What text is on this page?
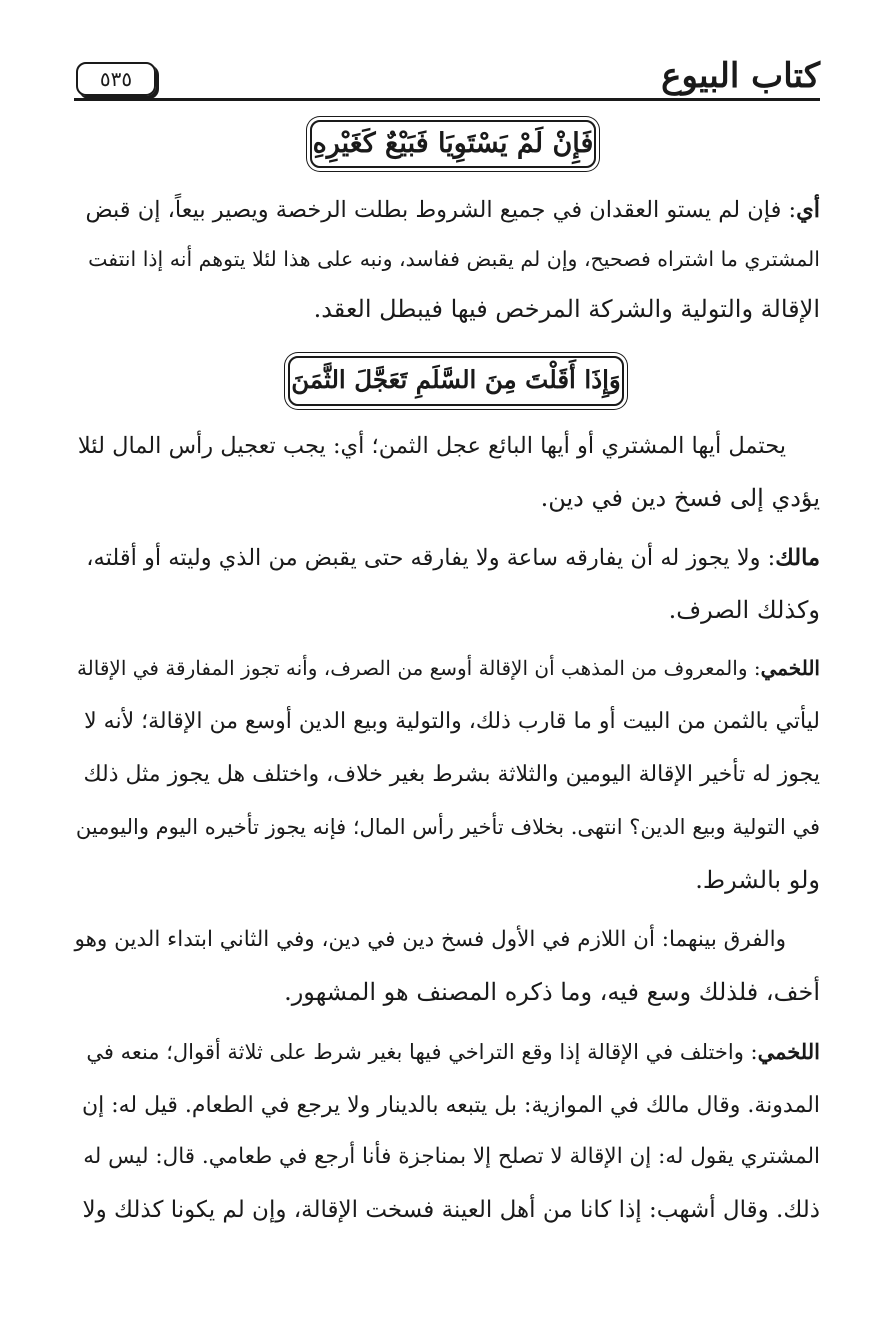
كتاب البيوع
٥٣٥
فَإِنْ لَمْ يَسْتَوِيَا فَبَيْعٌ كَغَيْرِهِ
أي: فإن لم يستو العقدان في جميع الشروط بطلت الرخصة ويصير بيعاً، إن قبض
المشتري ما اشتراه فصحيح، وإن لم يقبض ففاسد، ونبه على هذا لئلا يتوهم أنه إذا انتفت
الإقالة والتولية والشركة المرخص فيها فيبطل العقد.
وَإِذَا أَقَلْتَ مِنَ السَّلَمِ تَعَجَّلَ الثَّمَنَ
يحتمل أيها المشتري أو أيها البائع عجل الثمن؛ أي: يجب تعجيل رأس المال لئلا
يؤدي إلى فسخ دين في دين.
مالك: ولا يجوز له أن يفارقه ساعة ولا يفارقه حتى يقبض من الذي وليته أو أقلته،
وكذلك الصرف.
اللخمي: والمعروف من المذهب أن الإقالة أوسع من الصرف، وأنه تجوز المفارقة في الإقالة
ليأتي بالثمن من البيت أو ما قارب ذلك، والتولية وبيع الدين أوسع من الإقالة؛ لأنه لا
يجوز له تأخير الإقالة اليومين والثلاثة بشرط بغير خلاف، واختلف هل يجوز مثل ذلك
في التولية وبيع الدين؟ انتهى. بخلاف تأخير رأس المال؛ فإنه يجوز تأخيره اليوم واليومين
ولو بالشرط.
والفرق بينهما: أن اللازم في الأول فسخ دين في دين، وفي الثاني ابتداء الدين وهو
أخف، فلذلك وسع فيه، وما ذكره المصنف هو المشهور.
اللخمي: واختلف في الإقالة إذا وقع التراخي فيها بغير شرط على ثلاثة أقوال؛ منعه في
المدونة. وقال مالك في الموازية: بل يتبعه بالدينار ولا يرجع في الطعام. قيل له: إن
المشتري يقول له: إن الإقالة لا تصلح إلا بمناجزة فأنا أرجع في طعامي. قال: ليس له
ذلك. وقال أشهب: إذا كانا من أهل العينة فسخت الإقالة، وإن لم يكونا كذلك ولا
